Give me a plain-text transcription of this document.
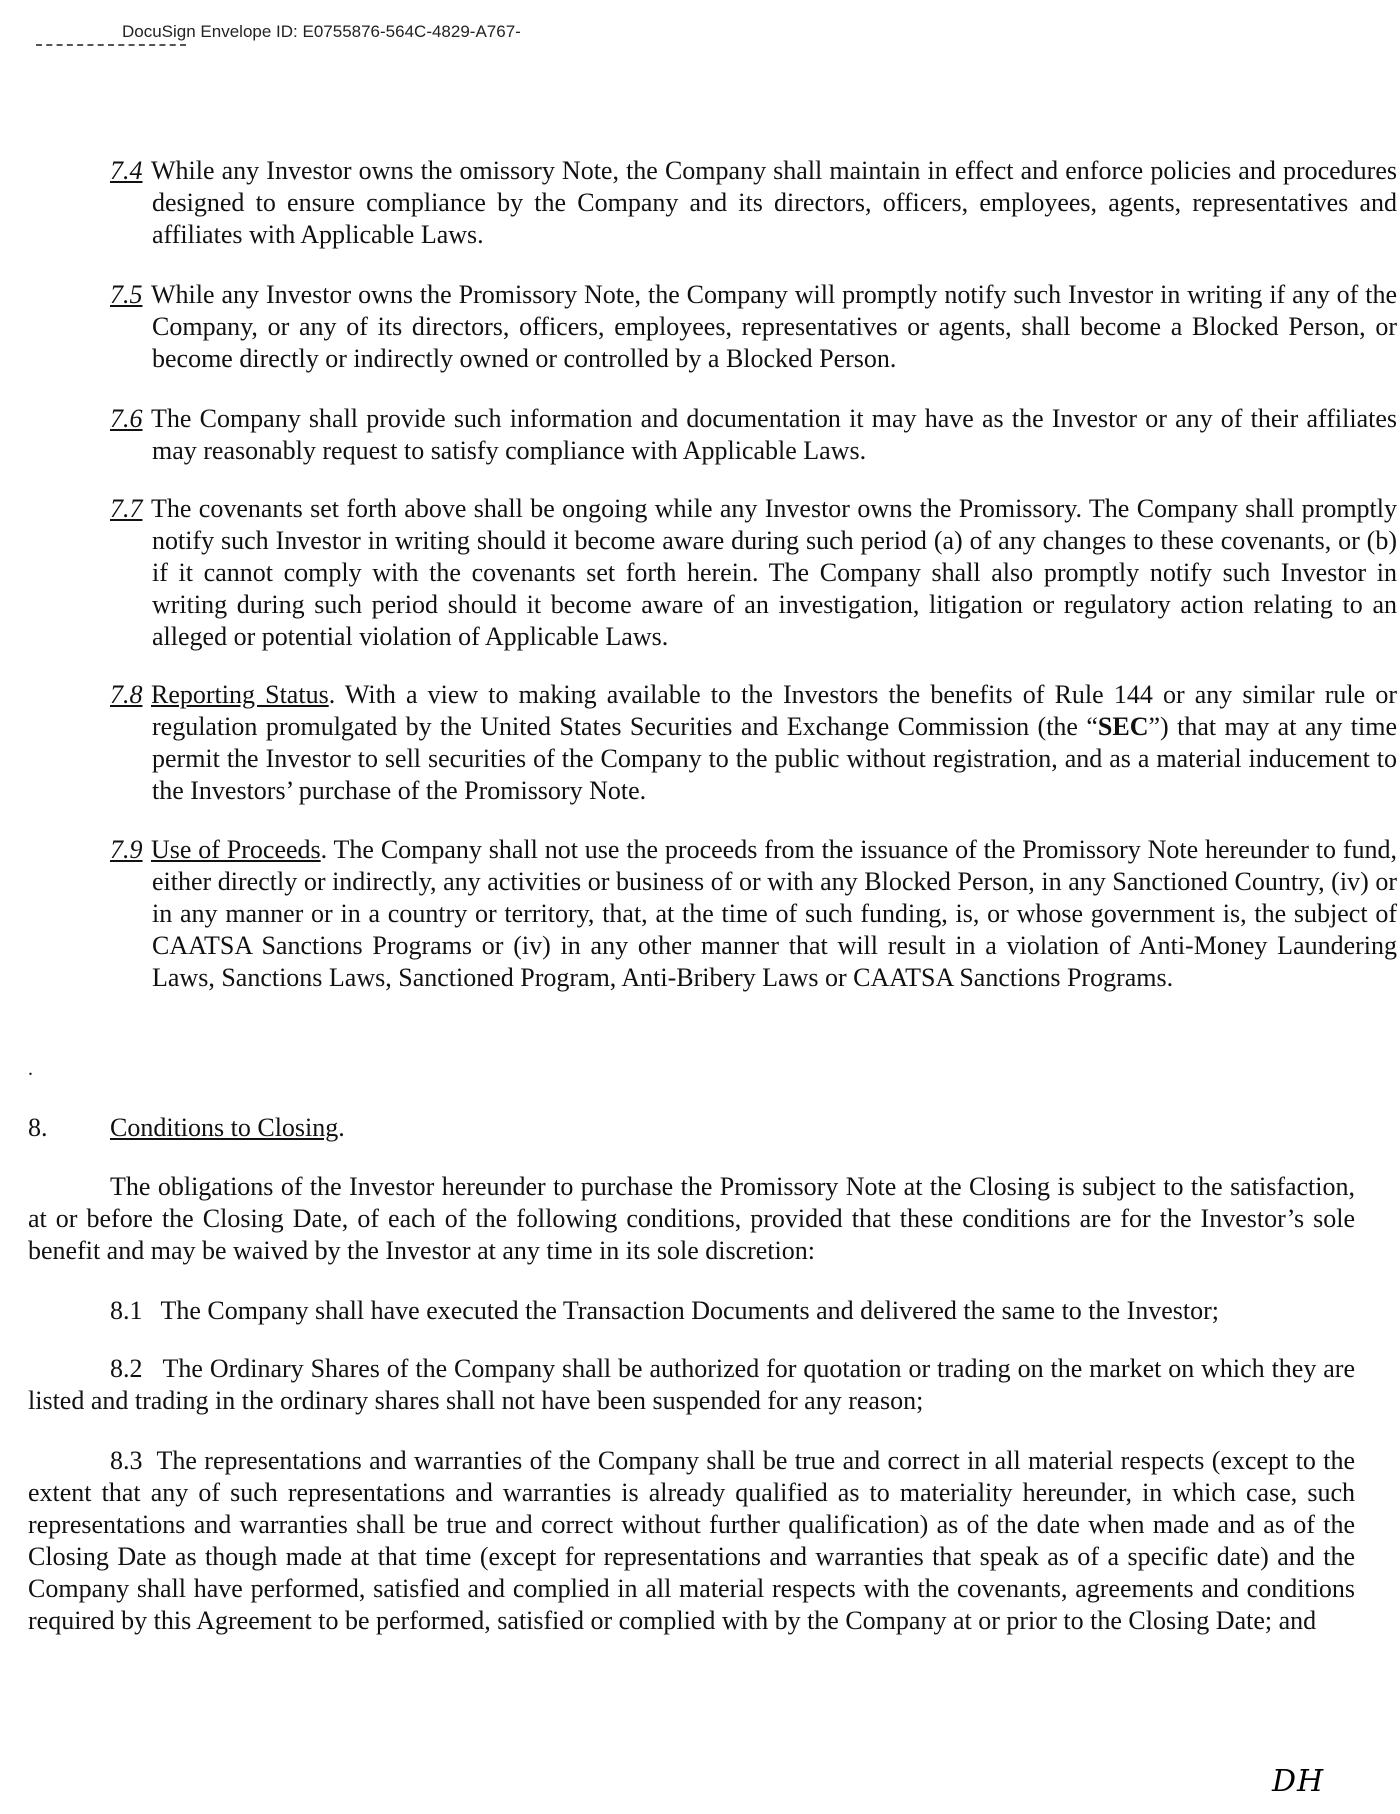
DocuSign Envelope ID: E0755876-564C-4829-A767-

7.4 While any Investor owns the omissory Note, the Company shall maintain in effect and enforce policies and procedures designed to ensure compliance by the Company and its directors, officers, employees, agents, representatives and affiliates with Applicable Laws.

7.5 While any Investor owns the Promissory Note, the Company will promptly notify such Investor in writing if any of the Company, or any of its directors, officers, employees, representatives or agents, shall become a Blocked Person, or become directly or indirectly owned or controlled by a Blocked Person.

7.6 The Company shall provide such information and documentation it may have as the Investor or any of their affiliates may reasonably request to satisfy compliance with Applicable Laws.

7.7 The covenants set forth above shall be ongoing while any Investor owns the Promissory. The Company shall promptly notify such Investor in writing should it become aware during such period (a) of any changes to these covenants, or (b) if it cannot comply with the covenants set forth herein. The Company shall also promptly notify such Investor in writing during such period should it become aware of an investigation, litigation or regulatory action relating to an alleged or potential violation of Applicable Laws.

7.8 Reporting Status. With a view to making available to the Investors the benefits of Rule 144 or any similar rule or regulation promulgated by the United States Securities and Exchange Commission (the “SEC”) that may at any time permit the Investor to sell securities of the Company to the public without registration, and as a material inducement to the Investors’ purchase of the Promissory Note.

7.9 Use of Proceeds. The Company shall not use the proceeds from the issuance of the Promissory Note hereunder to fund, either directly or indirectly, any activities or business of or with any Blocked Person, in any Sanctioned Country, (iv) or in any manner or in a country or territory, that, at the time of such funding, is, or whose government is, the subject of CAATSA Sanctions Programs or (iv) in any other manner that will result in a violation of Anti-Money Laundering Laws, Sanctions Laws, Sanctioned Program, Anti-Bribery Laws or CAATSA Sanctions Programs.

.
8. Conditions to Closing.

The obligations of the Investor hereunder to purchase the Promissory Note at the Closing is subject to the satisfaction, at or before the Closing Date, of each of the following conditions, provided that these conditions are for the Investor’s sole benefit and may be waived by the Investor at any time in its sole discretion:

8.1 The Company shall have executed the Transaction Documents and delivered the same to the Investor;

8.2 The Ordinary Shares of the Company shall be authorized for quotation or trading on the market on which they are listed and trading in the ordinary shares shall not have been suspended for any reason;

8.3 The representations and warranties of the Company shall be true and correct in all material respects (except to the extent that any of such representations and warranties is already qualified as to materiality hereunder, in which case, such representations and warranties shall be true and correct without further qualification) as of the date when made and as of the Closing Date as though made at that time (except for representations and warranties that speak as of a specific date) and the Company shall have performed, satisfied and complied in all material respects with the covenants, agreements and conditions required by this Agreement to be performed, satisfied or complied with by the Company at or prior to the Closing Date; and

DH
